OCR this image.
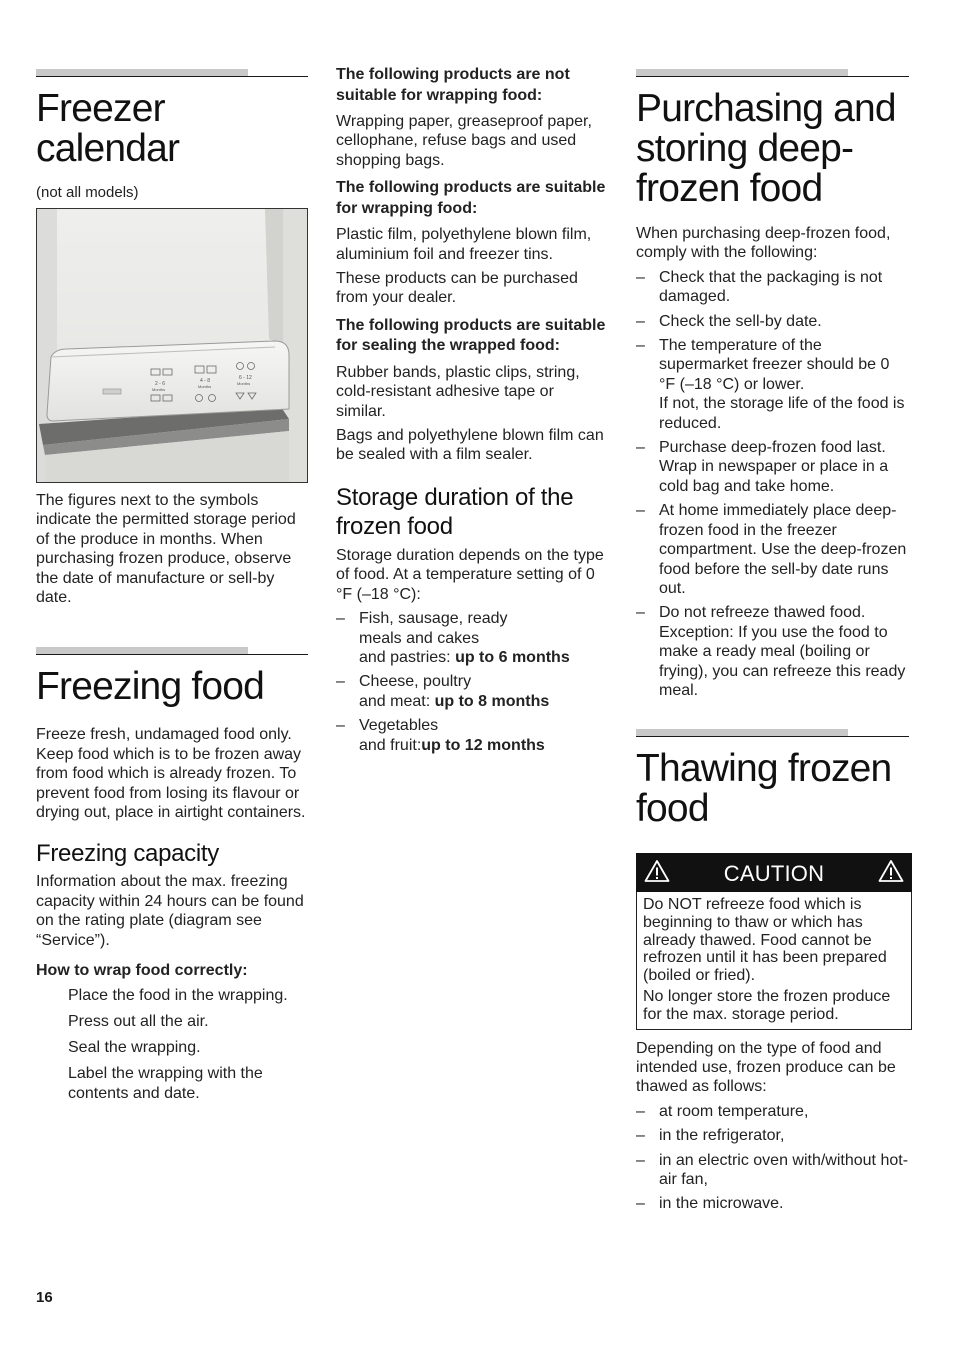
Freezer
calendar

(not all models)

2 - 6
Months
4 - 8
Months
6 - 12
Months

The figures next to the symbols indicate the permitted storage period of the produce in months. When purchasing frozen produce, observe the date of manufacture or sell-by date.

Freezing food

Freeze fresh, undamaged food only. Keep food which is to be frozen away from food which is already frozen. To prevent food from losing its flavour or drying out, place in airtight containers.

Freezing capacity

Information about the max. freezing capacity within 24 hours can be found on the rating plate (diagram see “Service”).

How to wrap food correctly:

Place the food in the wrapping.
Press out all the air.
Seal the wrapping.
Label the wrapping with the contents and date.

The following products are not suitable for wrapping food:

Wrapping paper, greaseproof paper, cellophane, refuse bags and used shopping bags.

The following products are suitable for wrapping food:

Plastic film, polyethylene blown film, aluminium foil and freezer tins.

These products can be purchased from your dealer.

The following products are suitable for sealing the wrapped food:

Rubber bands, plastic clips, string, cold-resistant adhesive tape or similar.

Bags and polyethylene blown film can be sealed with a film sealer.

Storage duration of the frozen food

Storage duration depends on the type of food. At a temperature setting of 0 °F (–18 °C):

– Fish, sausage, ready
meals and cakes
and pastries: up to 6 months
– Cheese, poultry
and meat: up to 8 months
– Vegetables
and fruit:up to 12 months
Purchasing and
storing deep-
frozen food

When purchasing deep-frozen food, comply with the following:

– Check that the packaging is not damaged.
– Check the sell-by date.
– The temperature of the supermarket freezer should be 0 °F (–18 °C) or lower.
If not, the storage life of the food is reduced.
– Purchase deep-frozen food last. Wrap in newspaper or place in a cold bag and take home.
– At home immediately place deep-frozen food in the freezer compartment. Use the deep-frozen food before the sell-by date runs out.
– Do not refreeze thawed food. Exception: If you use the food to make a ready meal (boiling or frying), you can refreeze this ready meal.
Thawing frozen
food
CAUTION

Do NOT refreeze food which is beginning to thaw or which has already thawed. Food cannot be refrozen until it has been prepared (boiled or fried).

No longer store the frozen produce for the max. storage period.

Depending on the type of food and intended use, frozen produce can be thawed as follows:

– at room temperature,
– in the refrigerator,
– in an electric oven with/without hot-air fan,
– in the microwave.
16
